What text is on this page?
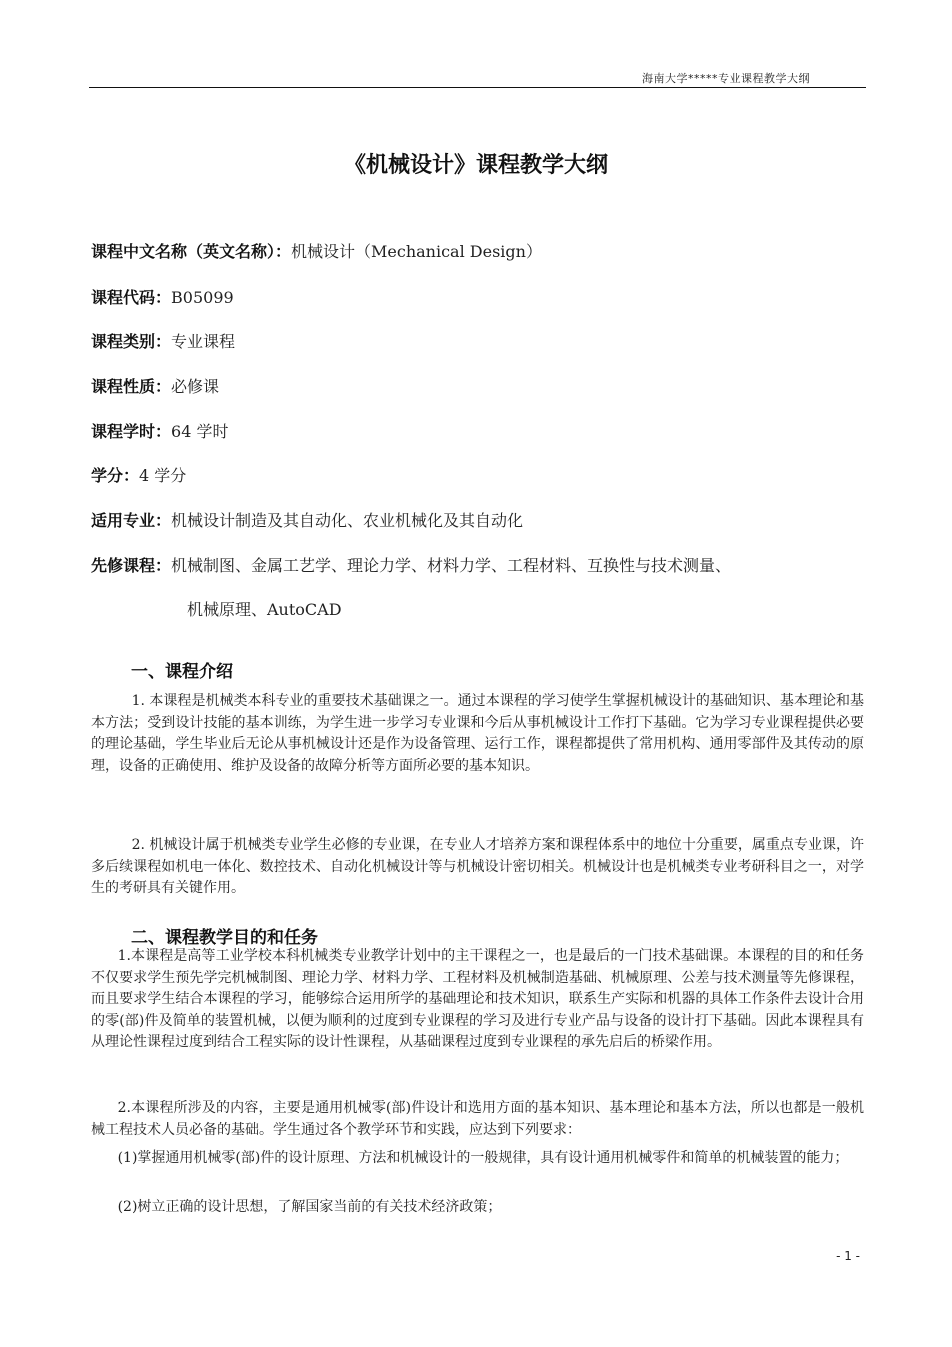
海南大学*****专业课程教学大纲
《机械设计》课程教学大纲
课程中文名称（英文名称）：机械设计（Mechanical Design）
课程代码：B05099
课程类别：专业课程
课程性质：必修课
课程学时：64 学时
学分：4 学分
适用专业：机械设计制造及其自动化、农业机械化及其自动化
先修课程：机械制图、金属工艺学、理论力学、材料力学、工程材料、互换性与技术测量、
机械原理、AutoCAD
一、课程介绍

1. 本课程是机械类本科专业的重要技术基础课之一。通过本课程的学习使学生掌握机械设计的基础知识、基本理论和基本方法；受到设计技能的基本训练，为学生进一步学习专业课和今后从事机械设计工作打下基础。它为学习专业课程提供必要的理论基础，学生毕业后无论从事机械设计还是作为设备管理、运行工作，课程都提供了常用机构、通用零部件及其传动的原理，设备的正确使用、维护及设备的故障分析等方面所必要的基本知识。

2. 机械设计属于机械类专业学生必修的专业课，在专业人才培养方案和课程体系中的地位十分重要，属重点专业课，许多后续课程如机电一体化、数控技术、自动化机械设计等与机械设计密切相关。机械设计也是机械类专业考研科目之一，对学生的考研具有关键作用。

二、课程教学目的和任务

1.本课程是高等工业学校本科机械类专业教学计划中的主干课程之一，也是最后的一门技术基础课。本课程的目的和任务不仅要求学生预先学完机械制图、理论力学、材料力学、工程材料及机械制造基础、机械原理、公差与技术测量等先修课程，而且要求学生结合本课程的学习，能够综合运用所学的基础理论和技术知识，联系生产实际和机器的具体工作条件去设计合用的零(部)件及简单的装置机械，以便为顺利的过度到专业课程的学习及进行专业产品与设备的设计打下基础。因此本课程具有从理论性课程过度到结合工程实际的设计性课程，从基础课程过度到专业课程的承先启后的桥梁作用。

2.本课程所涉及的内容，主要是通用机械零(部)件设计和选用方面的基本知识、基本理论和基本方法，所以也都是一般机械工程技术人员必备的基础。学生通过各个教学环节和实践，应达到下列要求：

(1)掌握通用机械零(部)件的设计原理、方法和机械设计的一般规律，具有设计通用机械零件和简单的机械装置的能力；

(2)树立正确的设计思想，了解国家当前的有关技术经济政策；

- 1 -
